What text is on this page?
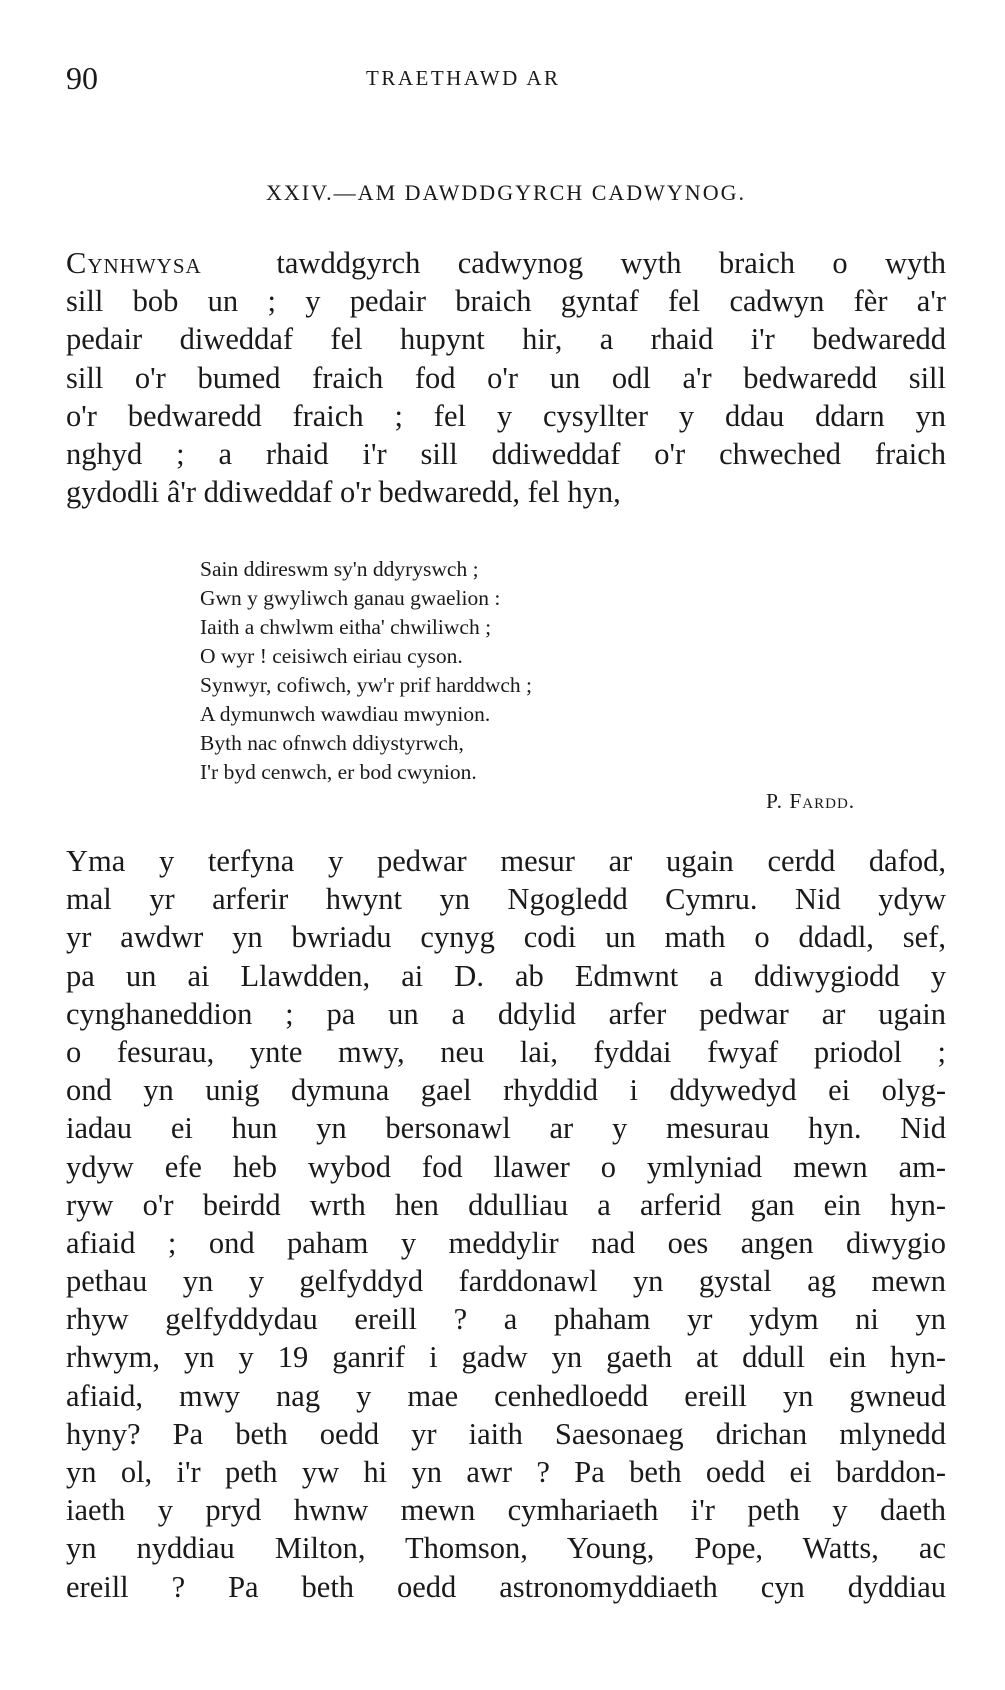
90	TRAETHAWD AR
XXIV.—AM DAWDDGYRCH CADWYNOG.
Cynhwysa tawddgyrch cadwynog wyth braich o wyth
sill bob un ; y pedair braich gyntaf fel cadwyn fèr a'r
pedair diweddaf fel hupynt hir, a rhaid i'r bedwaredd
sill o'r bumed fraich fod o'r un odl a'r bedwaredd sill
o'r bedwaredd fraich ; fel y cysyllter y ddau ddarn yn
nghyd ; a rhaid i'r sill ddiweddaf o'r chweched fraich
gydodli â'r ddiweddaf o'r bedwaredd, fel hyn,
Sain ddireswm sy'n ddyryswch ;
Gwn y gwyliwch ganau gwaelion :
Iaith a chwlwm eitha' chwiliwch ;
O wyr ! ceisiwch eiriau cyson.
Synwyr, cofiwch, yw'r prif harddwch ;
A dymunwch wawdiau mwynion.
Byth nac ofnwch ddiystyrwch,
I'r byd cenwch, er bod cwynion.
P. Fardd.
Yma y terfyna y pedwar mesur ar ugain cerdd dafod,
mal yr arferir hwynt yn Ngogledd Cymru. Nid ydyw
yr awdwr yn bwriadu cynyg codi un math o ddadl, sef,
pa un ai Llawdden, ai D. ab Edmwnt a ddiwygiodd y
cynghaneddion ; pa un a ddylid arfer pedwar ar ugain
o fesurau, ynte mwy, neu lai, fyddai fwyaf priodol ;
ond yn unig dymuna gael rhyddid i ddywedyd ei olyg-
iadau ei hun yn bersonawl ar y mesurau hyn. Nid
ydyw efe heb wybod fod llawer o ymlyniad mewn am-
ryw o'r beirdd wrth hen ddulliau a arferid gan ein hyn-
afiaid ; ond paham y meddylir nad oes angen diwygio
pethau yn y gelfyddyd farddonawl yn gystal ag mewn
rhyw gelfyddydau ereill ? a phaham yr ydym ni yn
rhwym, yn y 19 ganrif i gadw yn gaeth at ddull ein hyn-
afiaid, mwy nag y mae cenhedloedd ereill yn gwneud
hyny? Pa beth oedd yr iaith Saesonaeg drichan mlynedd
yn ol, i'r peth yw hi yn awr ? Pa beth oedd ei barddon-
iaeth y pryd hwnw mewn cymhariaeth i'r peth y daeth
yn nyddiau Milton, Thomson, Young, Pope, Watts, ac
ereill ? Pa beth oedd astronomyddiaeth cyn dyddiau
